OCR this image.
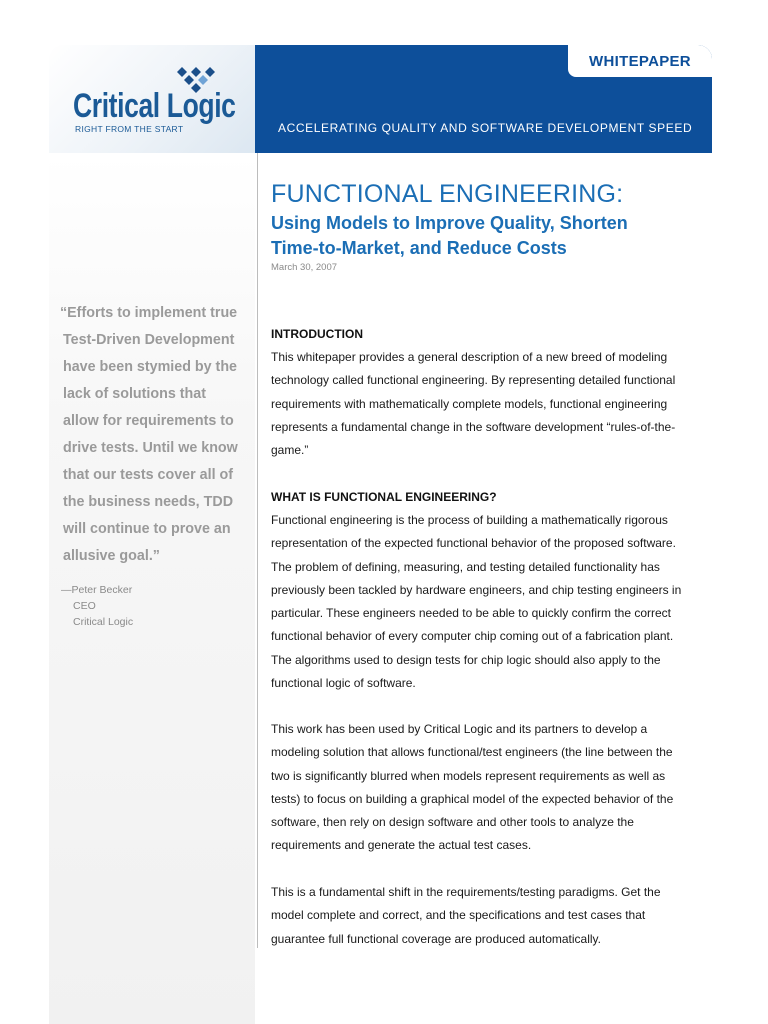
Critical Logic
RIGHT FROM THE START
WHITEPAPER
ACCELERATING QUALITY AND SOFTWARE DEVELOPMENT SPEED
“Efforts to implement true
Test-Driven Development
have been stymied by the
lack of solutions that
allow for requirements to
drive tests. Until we know
that our tests cover all of
the business needs, TDD
will continue to prove an
allusive goal.”
—Peter Becker
CEO
Critical Logic
FUNCTIONAL ENGINEERING:
Using Models to Improve Quality, Shorten
Time-to-Market, and Reduce Costs
March 30, 2007
INTRODUCTION
This whitepaper provides a general description of a new breed of modeling
technology called functional engineering. By representing detailed functional
requirements with mathematically complete models, functional engineering
represents a fundamental change in the software development “rules-of-the-
game.”
WHAT IS FUNCTIONAL ENGINEERING?
Functional engineering is the process of building a mathematically rigorous
representation of the expected functional behavior of the proposed software.
The problem of defining, measuring, and testing detailed functionality has
previously been tackled by hardware engineers, and chip testing engineers in
particular. These engineers needed to be able to quickly confirm the correct
functional behavior of every computer chip coming out of a fabrication plant.
The algorithms used to design tests for chip logic should also apply to the
functional logic of software.
This work has been used by Critical Logic and its partners to develop a
modeling solution that allows functional/test engineers (the line between the
two is significantly blurred when models represent requirements as well as
tests) to focus on building a graphical model of the expected behavior of the
software, then rely on design software and other tools to analyze the
requirements and generate the actual test cases.
This is a fundamental shift in the requirements/testing paradigms. Get the
model complete and correct, and the specifications and test cases that
guarantee full functional coverage are produced automatically.
